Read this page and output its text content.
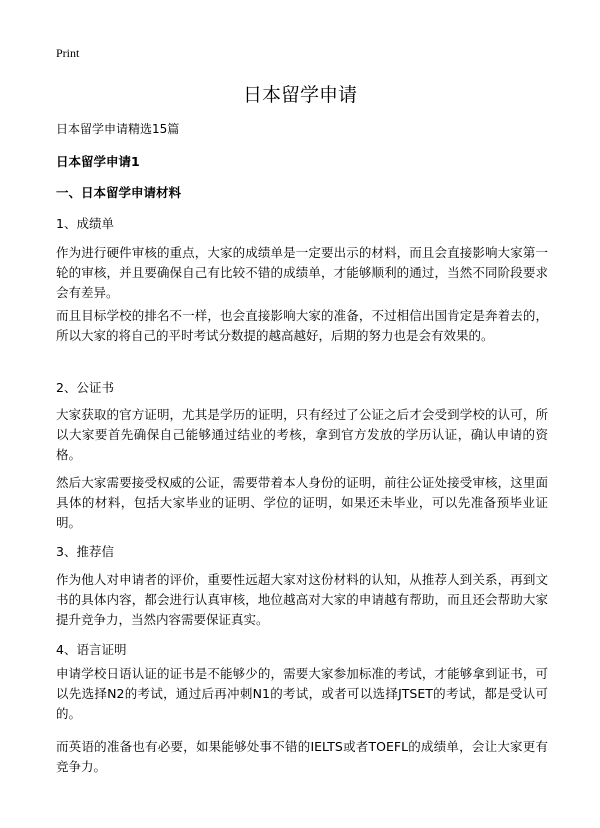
Print
日本留学申请
日本留学申请精选15篇
日本留学申请1
一、日本留学申请材料
1、成绩单
作为进行硬件审核的重点，大家的成绩单是一定要出示的材料，而且会直接影响大家第一轮的审核，并且要确保自己有比较不错的成绩单，才能够顺利的通过，当然不同阶段要求会有差异。
而且目标学校的排名不一样，也会直接影响大家的准备，不过相信出国肯定是奔着去的，所以大家的将自己的平时考试分数提的越高越好，后期的努力也是会有效果的。
2、公证书
大家获取的官方证明，尤其是学历的证明，只有经过了公证之后才会受到学校的认可，所以大家要首先确保自己能够通过结业的考核，拿到官方发放的学历认证，确认申请的资格。
然后大家需要接受权威的公证，需要带着本人身份的证明，前往公证处接受审核，这里面具体的材料，包括大家毕业的证明、学位的证明，如果还未毕业，可以先准备预毕业证明。
3、推荐信
作为他人对申请者的评价，重要性远超大家对这份材料的认知，从推荐人到关系，再到文书的具体内容，都会进行认真审核，地位越高对大家的申请越有帮助，而且还会帮助大家提升竞争力，当然内容需要保证真实。
4、语言证明
申请学校日语认证的证书是不能够少的，需要大家参加标准的考试，才能够拿到证书，可以先选择N2的考试，通过后再冲刺N1的考试，或者可以选择JTSET的考试，都是受认可的。
而英语的准备也有必要，如果能够处事不错的IELTS或者TOEFL的成绩单，会让大家更有竞争力。
